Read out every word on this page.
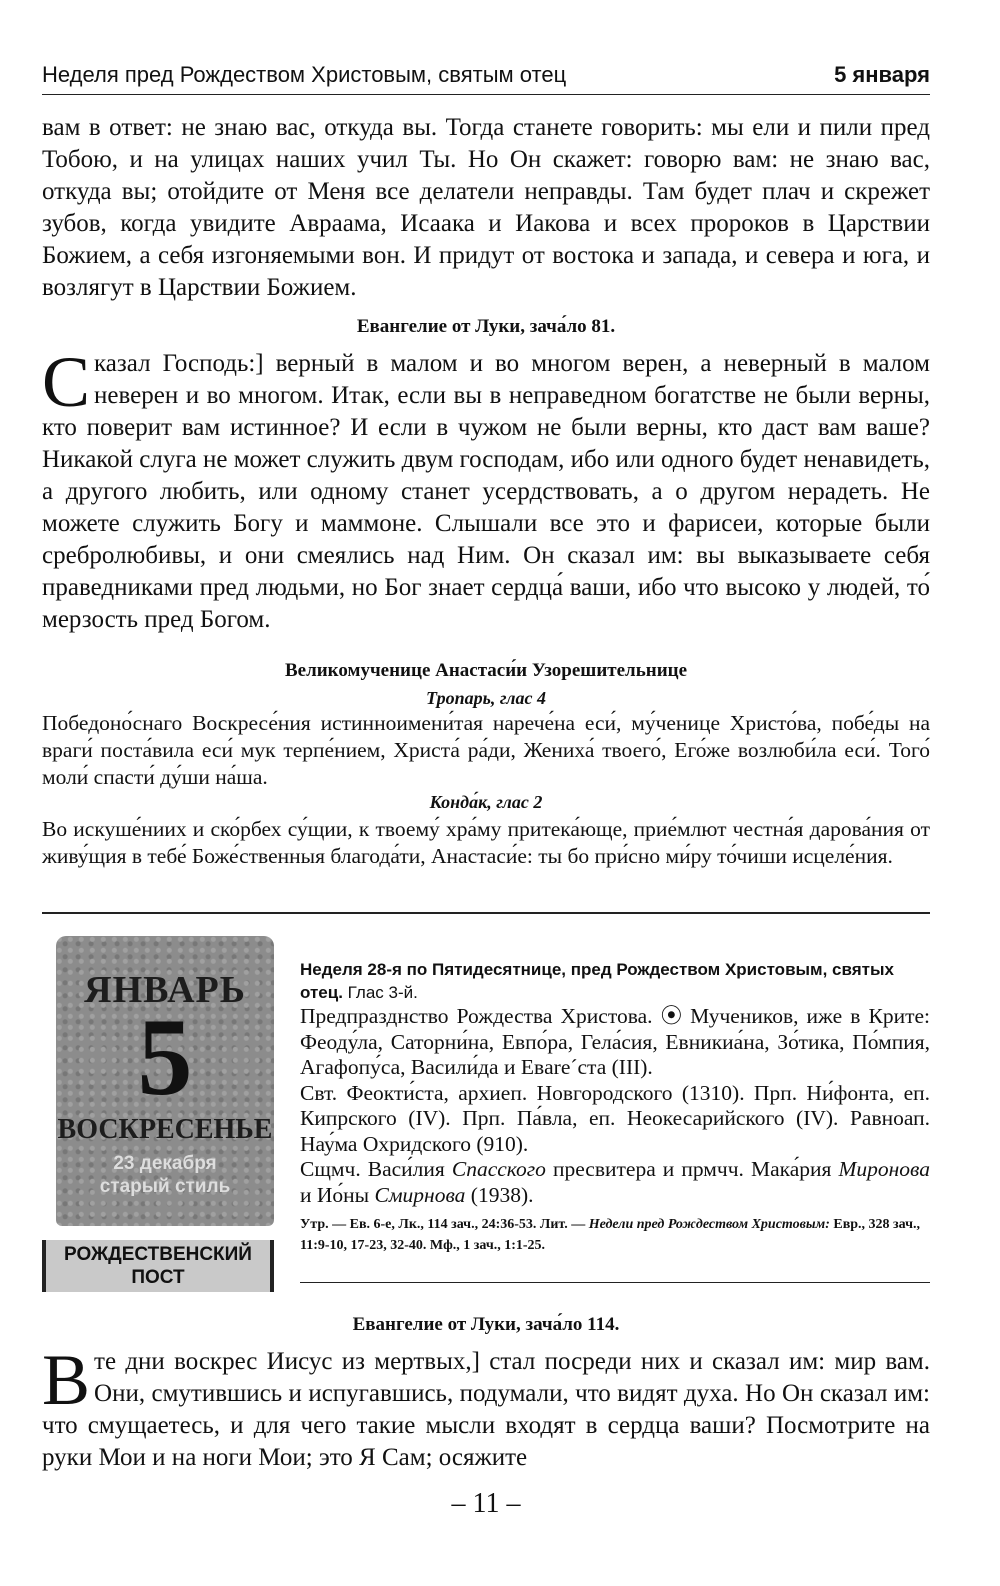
Неделя пред Рождеством Христовым, святым отец	5 января

вам в ответ: не знаю вас, откуда вы. Тогда станете говорить: мы ели и пили пред Тобою, и на улицах наших учил Ты. Но Он скажет: говорю вам: не знаю вас, откуда вы; отойдите от Меня все делатели неправды. Там будет плач и скрежет зубов, когда увидите Авраама, Исаака и Иакова и всех пророков в Царствии Божием, а себя изгоняемыми вон. И придут от востока и запада, и севера и юга, и возлягут в Царствии Божием.

Евангелие от Луки, зача́ло 81.

Сказал Господь:] верный в малом и во многом верен, а неверный в малом неверен и во многом. Итак, если вы в неправедном богатстве не были верны, кто поверит вам истинное? И если в чужом не были верны, кто даст вам ваше? Никакой слуга не может служить двум господам, ибо или одного будет ненавидеть, а другого любить, или одному станет усердствовать, а о другом нерадеть. Не можете служить Богу и маммоне. Слышали все это и фарисеи, которые были сребролюбивы, и они смеялись над Ним. Он сказал им: вы выказываете себя праведниками пред людьми, но Бог знает сердца́ ваши, ибо что высоко у людей, то́ мерзость пред Богом.

Великомученице Анастаси́и Узорешительнице

Тропарь, глас 4

Победоно́снаго Воскресе́ния истинноимени́тая нарече́на еси́, му́ченице Христо́ва, побе́ды на враги́ поста́вила еси́ мук терпе́нием, Христа́ ра́ди, Жениха́ твоего́, Его́же возлюби́ла еси́. Того́ моли́ спасти́ ду́ши на́ша.

Конда́к, глас 2

Во искуше́ниих и ско́рбех су́щии, к твоему́ хра́му притека́юще, прие́млют честна́я дарова́ния от живу́щия в тебе́ Боже́ственныя благода́ти, Анастаси́е: ты бо при́сно ми́ру то́чиши исцеле́ния.

ЯНВАРЬ
5
ВОСКРЕСЕНЬЕ
23 декабря
старый стиль
РОЖДЕСТВЕНСКИЙ
ПОСТ

Неделя 28-я по Пятидесятнице, пред Рождеством Христовым, святых отец. Глас 3-й.

Предпразднство Рождества Христова. ⦿ Мучеников, иже в Крите: Феоду́ла, Саторни́на, Евпо́ра, Гела́сия, Евникиа́на, Зо́тика, По́мпия, Агафопу́са, Васили́да и Евare´ста (III).

Свт. Феокти́ста, архиеп. Новгородского (1310). Прп. Ни́фонта, еп. Кипрского (IV). Прп. Па́вла, еп. Неокесарийского (IV). Равноап. Нау́ма Охридского (910).

Сщмч. Васи́лия Спасского пресвитера и прмчч. Мака́рия Миронова и Ио́ны Смирнова (1938).

Утр. — Ев. 6-е, Лк., 114 зач., 24:36-53. Лит. — Недели пред Рождеством Христовым: Евр., 328 зач., 11:9-10, 17-23, 32-40. Мф., 1 зач., 1:1-25.

Евангелие от Луки, зача́ло 114.

Вте дни воскрес Иисус из мертвых,] стал посреди них и сказал им: мир вам. Они, смутившись и испугавшись, подумали, что видят духа. Но Он сказал им: что смущаетесь, и для чего такие мысли входят в сердца ваши? Посмотрите на руки Мои и на ноги Мои; это Я Сам; осяжите

– 11 –
